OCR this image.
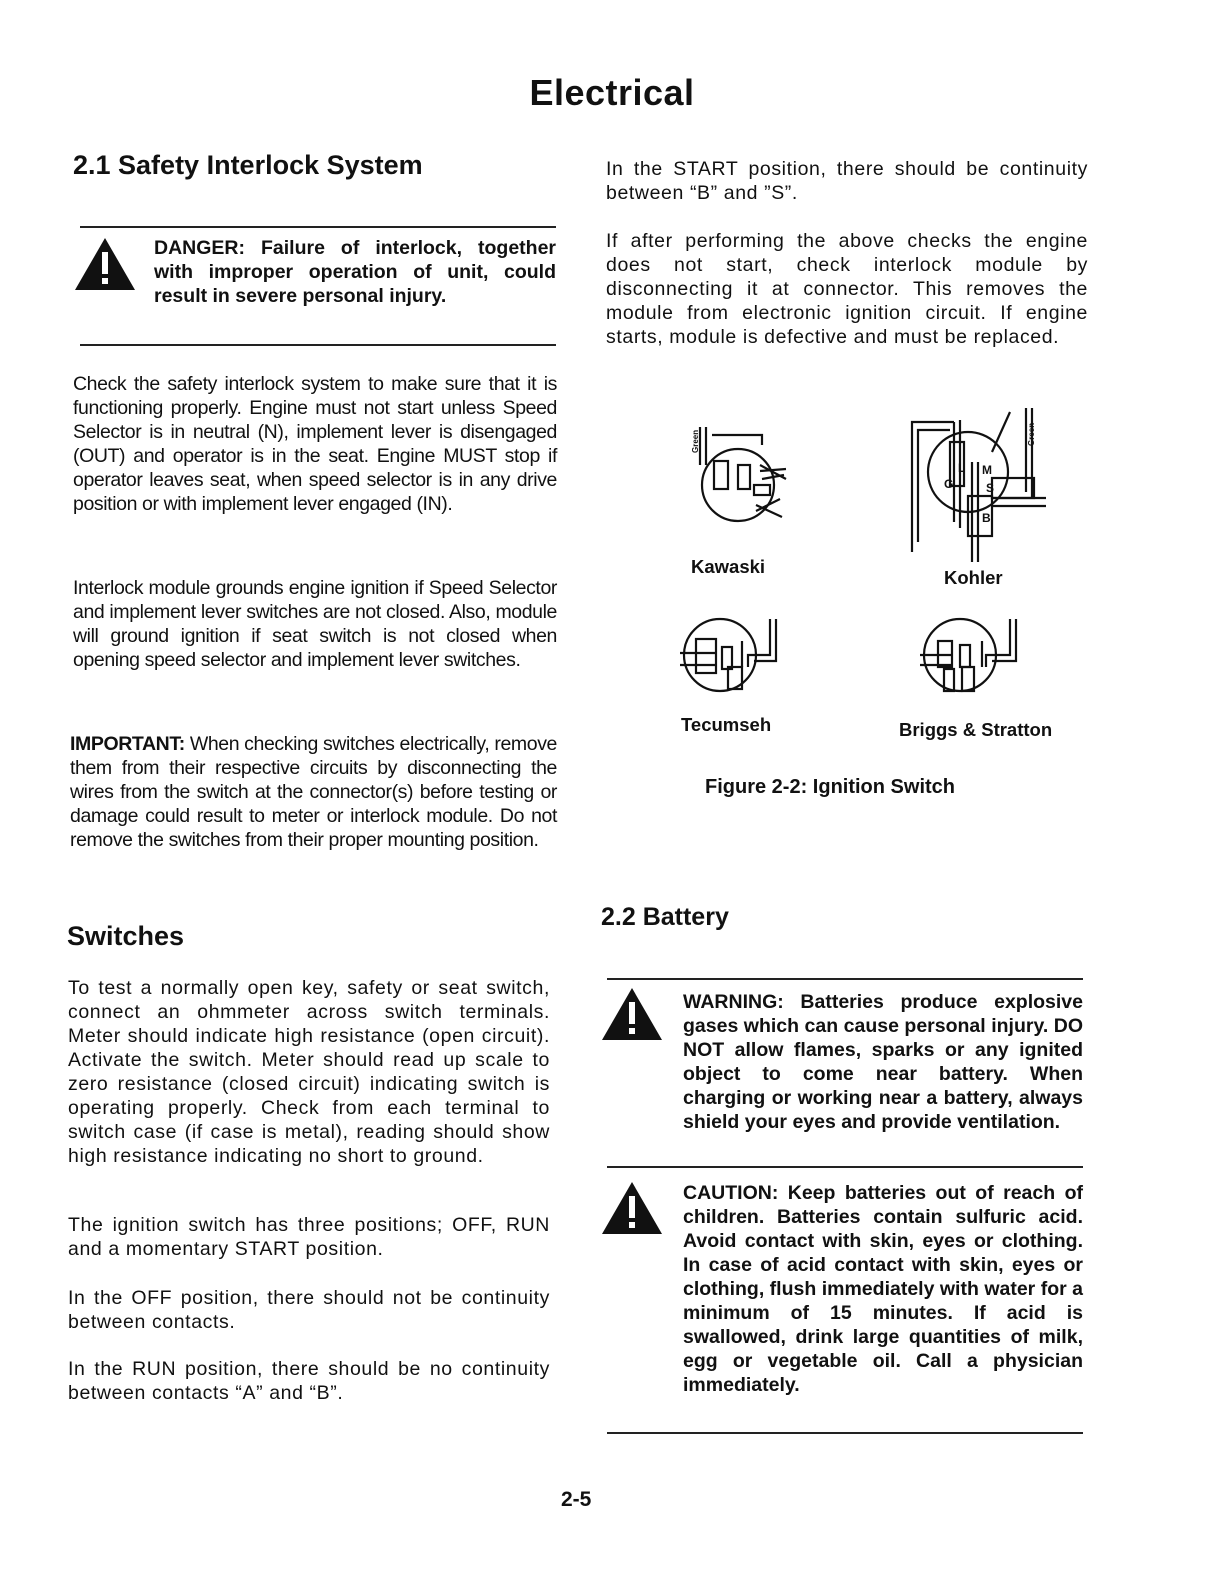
Electrical
2.1 Safety Interlock System
DANGER: Failure of interlock, together with improper operation of unit, could result in severe personal injury.
Check the safety interlock system to make sure that it is functioning properly. Engine must not start unless Speed Selector is in neutral (N), implement lever is disengaged (OUT) and operator is in the seat. Engine MUST stop if operator leaves seat, when speed selector is in any drive position or with implement lever engaged (IN).
Interlock module grounds engine ignition if Speed Selector and implement lever switches are not closed. Also, module will ground ignition if seat switch is not closed when opening speed selector and implement lever switches.
IMPORTANT: When checking switches electrically, remove them from their respective circuits by disconnecting the wires from the switch at the connector(s) before testing or damage could result to meter or interlock module. Do not remove the switches from their proper mounting position.
Switches
To test a normally open key, safety or seat switch, connect an ohmmeter across switch terminals. Meter should indicate high resistance (open circuit). Activate the switch. Meter should read up scale to zero resistance (closed circuit) indicating switch is operating properly. Check from each terminal to switch case (if case is metal), reading should show high resistance indicating no short to ground.
The ignition switch has three positions; OFF, RUN and a momentary START position.
In the OFF position, there should not be continuity between contacts.
In the RUN position, there should be no continuity between contacts “A” and “B”.
In the START position, there should be continuity between “B” and ”S”.
If after performing the above checks the engine does not start, check interlock module by disconnecting it at connector. This removes the module from electronic ignition circuit. If engine starts, module is defective and must be replaced.
Green
Kawaski
G
L M
S
B
Green
Kohler
Tecumseh	Briggs & Stratton
Figure 2-2: Ignition Switch
2.2 Battery
WARNING: Batteries produce explosive gases which can cause personal injury. DO NOT allow flames, sparks or any ignited object to come near battery. When charging or working near a battery, always shield your eyes and provide ventilation.
CAUTION: Keep batteries out of reach of children. Batteries contain sulfuric acid. Avoid contact with skin, eyes or clothing. In case of acid contact with skin, eyes or clothing, flush immediately with water for a minimum of 15 minutes. If acid is swallowed, drink large quantities of milk, egg or vegetable oil. Call a physician immediately.
2-5
